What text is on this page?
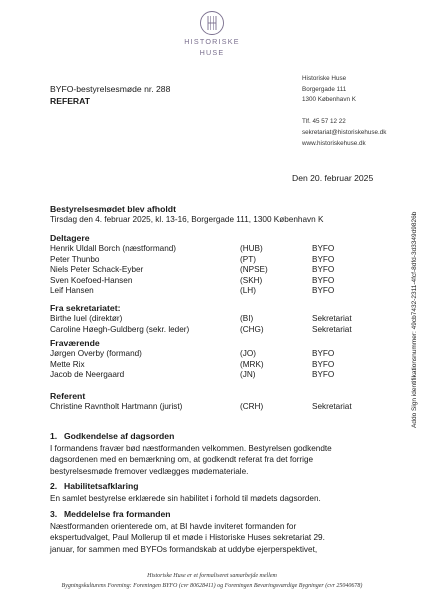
HISTORISKE
HUSE
BYFO-bestyrelsesmøde nr. 288
REFERAT
Historiske Huse
Borgergade 111
1300 København K
Tlf. 45 57 12 22
sekretariat@historiskehuse.dk
www.historiskehuse.dk
Den 20. februar 2025
Bestyrelsesmødet blev afholdt
Tirsdag den 4. februar 2025, kl. 13-16, Borgergade 111, 1300 København K
Deltagere
Henrik Uldall Borch (næstformand)	(HUB)	BYFO
Peter Thunbo	(PT)	BYFO
Niels Peter Schack-Eyber	(NPSE)	BYFO
Sven Koefoed-Hansen	(SKH)	BYFO
Leif Hansen	(LH)	BYFO
Fra sekretariatet:
Birthe Iuel (direktør)	(BI)	Sekretariat
Caroline Høegh-Guldberg (sekr. leder)	(CHG)	Sekretariat
Fraværende
Jørgen Overby (formand)	(JO)	BYFO
Mette Rix	(MRK)	BYFO
Jacob de Neergaard	(JN)	BYFO
Referent
Christine Ravntholt Hartmann (jurist)	(CRH)	Sekretariat
1. Godkendelse af dagsorden
I formandens fravær bød næstformanden velkommen. Bestyrelsen godkendte
dagsordenen med en bemærkning om, at godkendt referat fra det forrige
bestyrelsesmøde fremover vedlægges mødemateriale.
2. Habilitetsafklaring
En samlet bestyrelse erklærede sin habilitet i forhold til mødets dagsorden.
3. Meddelelse fra formanden
Næstformanden orienterede om, at BI havde inviteret formanden for
ekspertudvalget, Paul Mollerup til et møde i Historiske Huses sekretariat 29.
januar, for sammen med BYFOs formandskab at uddybe ejerperspektivet,
Historiske Huse er et formaliseret samarbejde mellem
Bygningskulturens Forening: Foreningen BYFO (cvr 80628411) og Foreningen Bevaringsværdige Bygninger (cvr 25040678)
Addo Sign identifikationsnummer: 49cb7432-2311-4fcf-8dfd-3d3349d9826b
